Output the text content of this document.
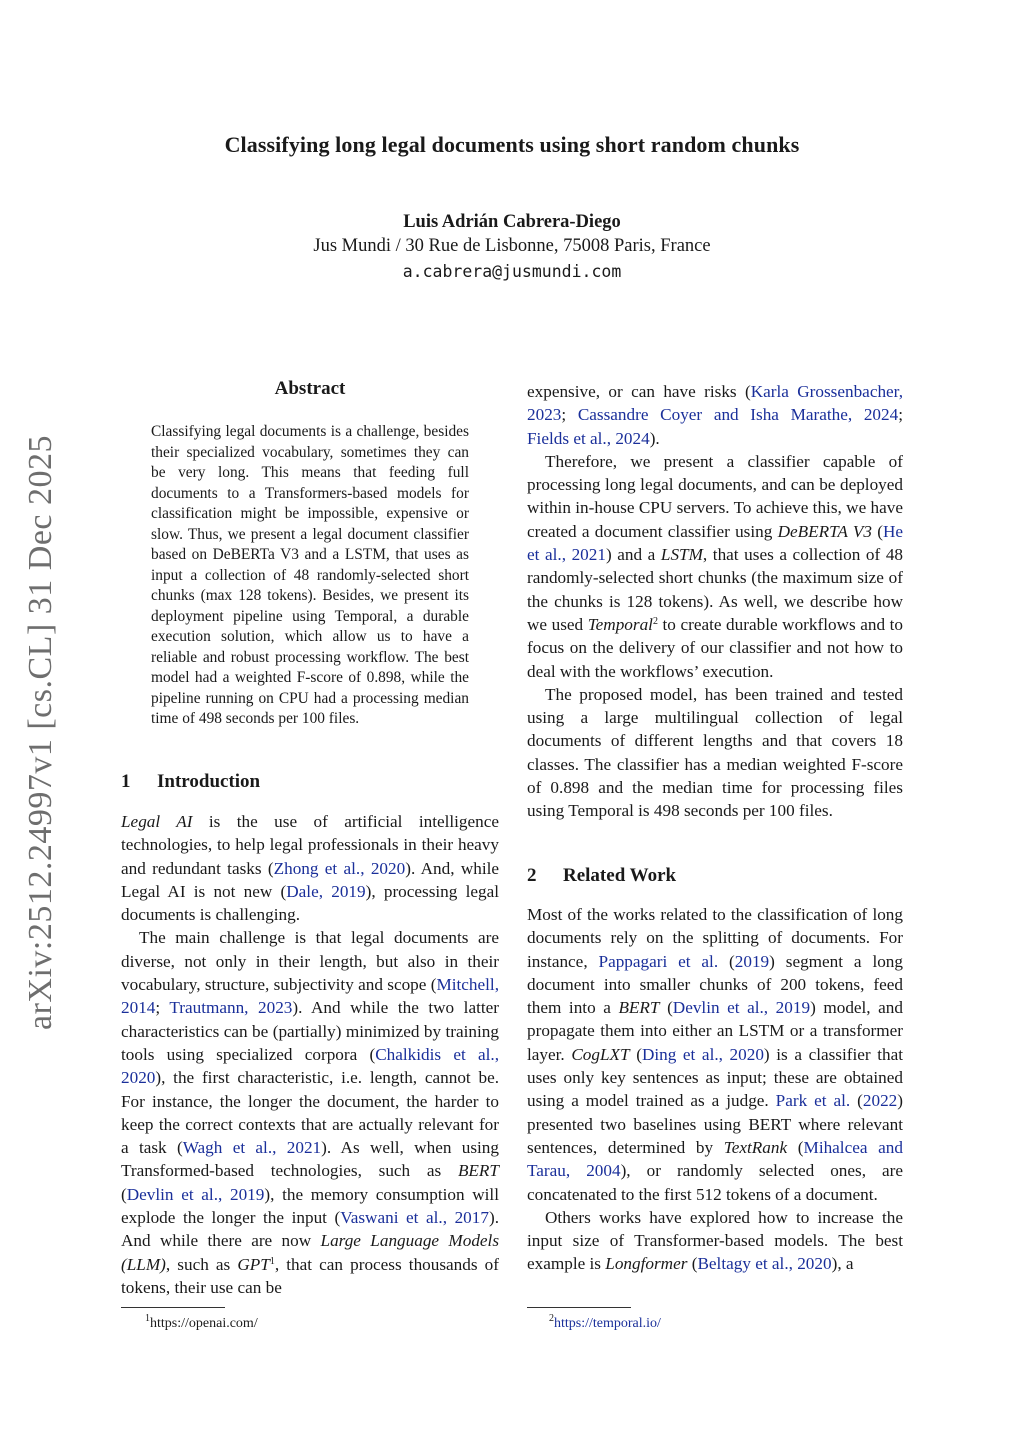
Classifying long legal documents using short random chunks
Luis Adrián Cabrera-Diego
Jus Mundi / 30 Rue de Lisbonne, 75008 Paris, France
a.cabrera@jusmundi.com
arXiv:2512.24997v1 [cs.CL] 31 Dec 2025
Abstract
Classifying legal documents is a challenge, besides their specialized vocabulary, sometimes they can be very long. This means that feeding full documents to a Transformers-based models for classification might be impossible, expensive or slow. Thus, we present a legal document classifier based on DeBERTa V3 and a LSTM, that uses as input a collection of 48 randomly-selected short chunks (max 128 tokens). Besides, we present its deployment pipeline using Temporal, a durable execution solution, which allow us to have a reliable and robust processing workflow. The best model had a weighted F-score of 0.898, while the pipeline running on CPU had a processing median time of 498 seconds per 100 files.
1 Introduction

Legal AI is the use of artificial intelligence technologies, to help legal professionals in their heavy and redundant tasks (Zhong et al., 2020). And, while Legal AI is not new (Dale, 2019), processing legal documents is challenging.

The main challenge is that legal documents are diverse, not only in their length, but also in their vocabulary, structure, subjectivity and scope (Mitchell, 2014; Trautmann, 2023). And while the two latter characteristics can be (partially) minimized by training tools using specialized corpora (Chalkidis et al., 2020), the first characteristic, i.e. length, cannot be. For instance, the longer the document, the harder to keep the correct contexts that are actually relevant for a task (Wagh et al., 2021). As well, when using Transformed-based technologies, such as BERT (Devlin et al., 2019), the memory consumption will explode the longer the input (Vaswani et al., 2017). And while there are now Large Language Models (LLM), such as GPT$^1$, that can process thousands of tokens, their use can be

$^1$https://openai.com/

expensive, or can have risks (Karla Grossenbacher, 2023; Cassandre Coyer and Isha Marathe, 2024; Fields et al., 2024).

Therefore, we present a classifier capable of processing long legal documents, and can be deployed within in-house CPU servers. To achieve this, we have created a document classifier using DeBERTA V3 (He et al., 2021) and a LSTM, that uses a collection of 48 randomly-selected short chunks (the maximum size of the chunks is 128 tokens). As well, we describe how we used Temporal$^2$ to create durable workflows and to focus on the delivery of our classifier and not how to deal with the workflows’ execution.

The proposed model, has been trained and tested using a large multilingual collection of legal documents of different lengths and that covers 18 classes. The classifier has a median weighted F-score of 0.898 and the median time for processing files using Temporal is 498 seconds per 100 files.

2 Related Work

Most of the works related to the classification of long documents rely on the splitting of documents. For instance, Pappagari et al. (2019) segment a long document into smaller chunks of 200 tokens, feed them into a BERT (Devlin et al., 2019) model, and propagate them into either an LSTM or a transformer layer. CogLXT (Ding et al., 2020) is a classifier that uses only key sentences as input; these are obtained using a model trained as a judge. Park et al. (2022) presented two baselines using BERT where relevant sentences, determined by TextRank (Mihalcea and Tarau, 2004), or randomly selected ones, are concatenated to the first 512 tokens of a document.

Others works have explored how to increase the input size of Transformer-based models. The best example is Longformer (Beltagy et al., 2020), a

$^2$https://temporal.io/
